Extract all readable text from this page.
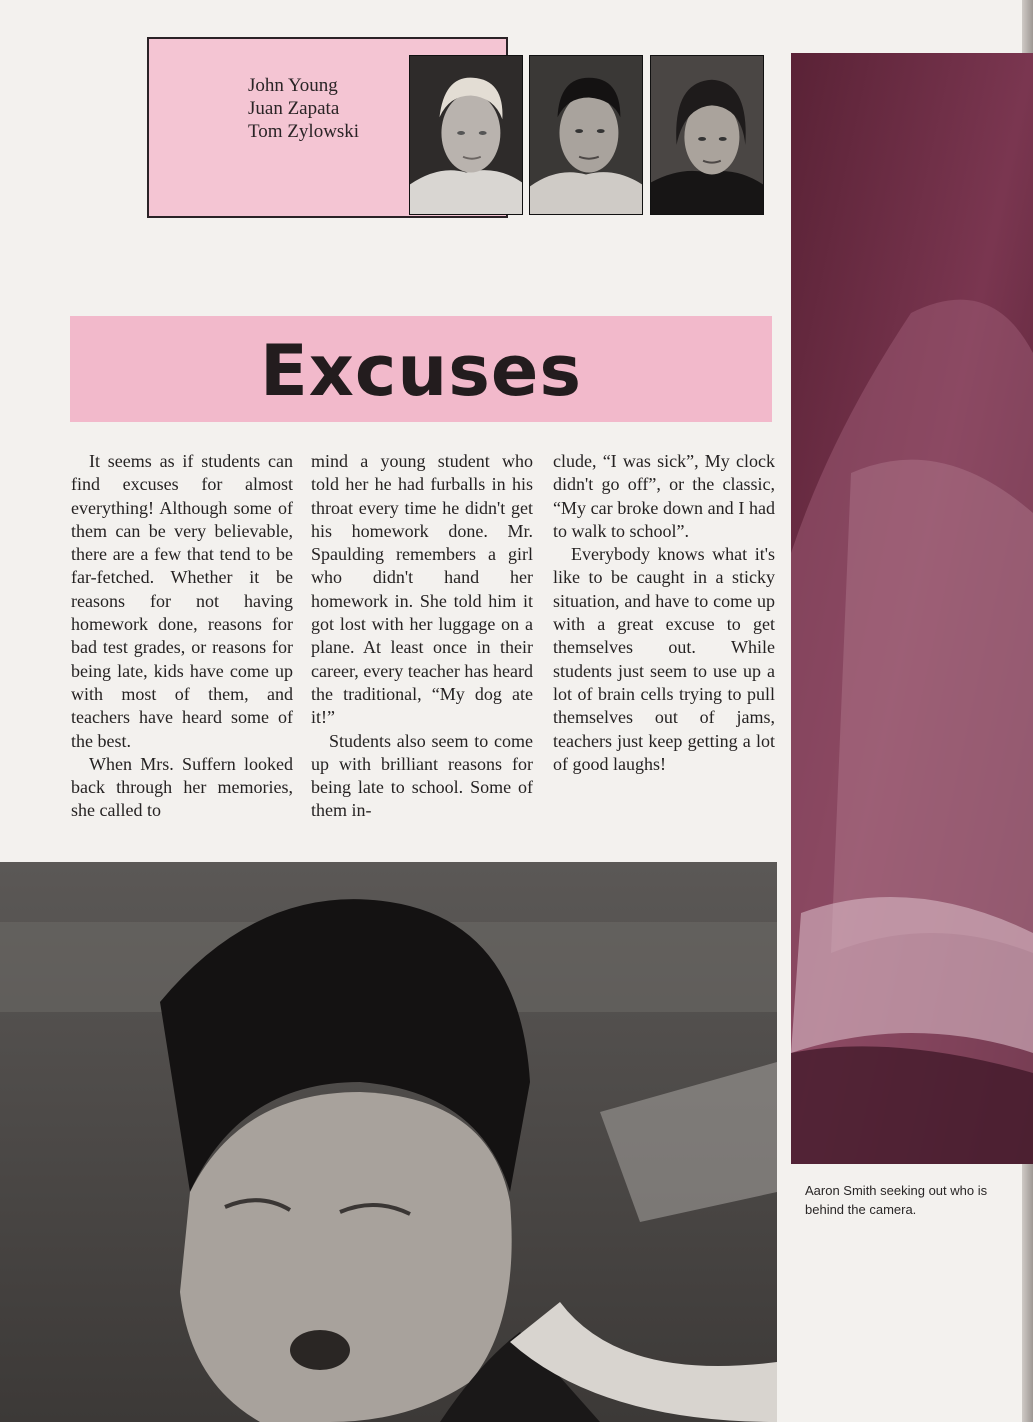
John Young
Juan Zapata
Tom Zylowski
Excuses

It seems as if students can find excuses for almost everything! Although some of them can be very believable, there are a few that tend to be far-fetched. Whether it be reasons for not having homework done, reasons for bad test grades, or reasons for being late, kids have come up with most of them, and teachers have heard some of the best.

When Mrs. Suffern looked back through her memories, she called to

mind a young student who told her he had furballs in his throat every time he didn't get his homework done. Mr. Spaulding remembers a girl who didn't hand her homework in. She told him it got lost with her luggage on a plane. At least once in their career, every teacher has heard the traditional, “My dog ate it!”

Students also seem to come up with brilliant reasons for being late to school. Some of them in-

clude, “I was sick”, My clock didn't go off”, or the classic, “My car broke down and I had to walk to school”.

Everybody knows what it's like to be caught in a sticky situation, and have to come up with a great excuse to get themselves out. While students just seem to use up a lot of brain cells trying to pull themselves out of jams, teachers just keep getting a lot of good laughs!

Aaron Smith seeking out who is behind the camera.
